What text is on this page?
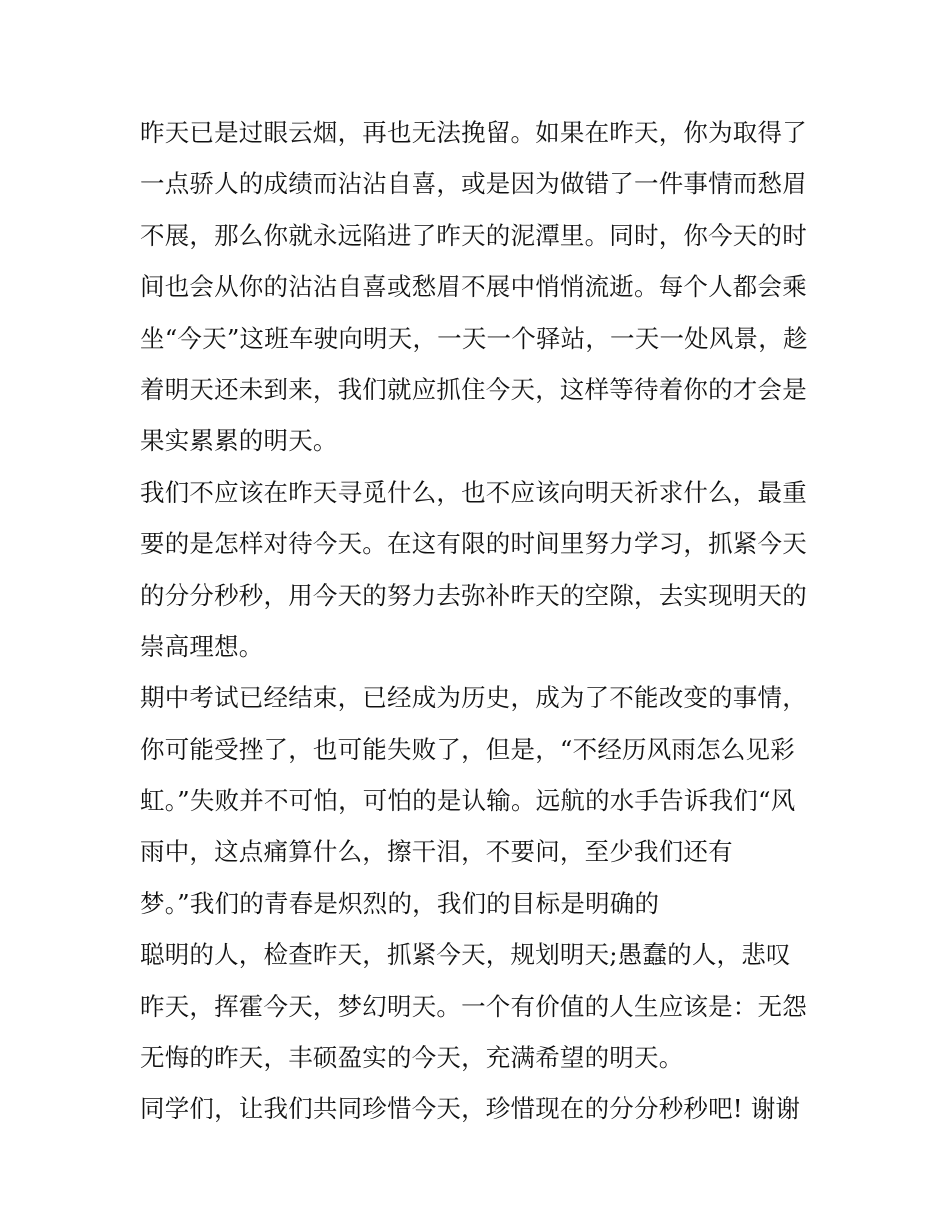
昨天已是过眼云烟，再也无法挽留。如果在昨天，你为取得了
一点骄人的成绩而沾沾自喜，或是因为做错了一件事情而愁眉
不展，那么你就永远陷进了昨天的泥潭里。同时，你今天的时
间也会从你的沾沾自喜或愁眉不展中悄悄流逝。每个人都会乘
坐“今天”这班车驶向明天，一天一个驿站，一天一处风景，趁
着明天还未到来，我们就应抓住今天，这样等待着你的才会是
果实累累的明天。
我们不应该在昨天寻觅什么，也不应该向明天祈求什么，最重
要的是怎样对待今天。在这有限的时间里努力学习，抓紧今天
的分分秒秒，用今天的努力去弥补昨天的空隙，去实现明天的
崇高理想。
期中考试已经结束，已经成为历史，成为了不能改变的事情，
你可能受挫了，也可能失败了，但是，“不经历风雨怎么见彩
虹。”失败并不可怕，可怕的是认输。远航的水手告诉我们“风
雨中，这点痛算什么，擦干泪，不要问，至少我们还有
梦。”我们的青春是炽烈的，我们的目标是明确的
聪明的人，检查昨天，抓紧今天，规划明天;愚蠢的人，悲叹
昨天，挥霍今天，梦幻明天。一个有价值的人生应该是：无怨
无悔的昨天，丰硕盈实的今天，充满希望的明天。
同学们，让我们共同珍惜今天，珍惜现在的分分秒秒吧! 谢谢
